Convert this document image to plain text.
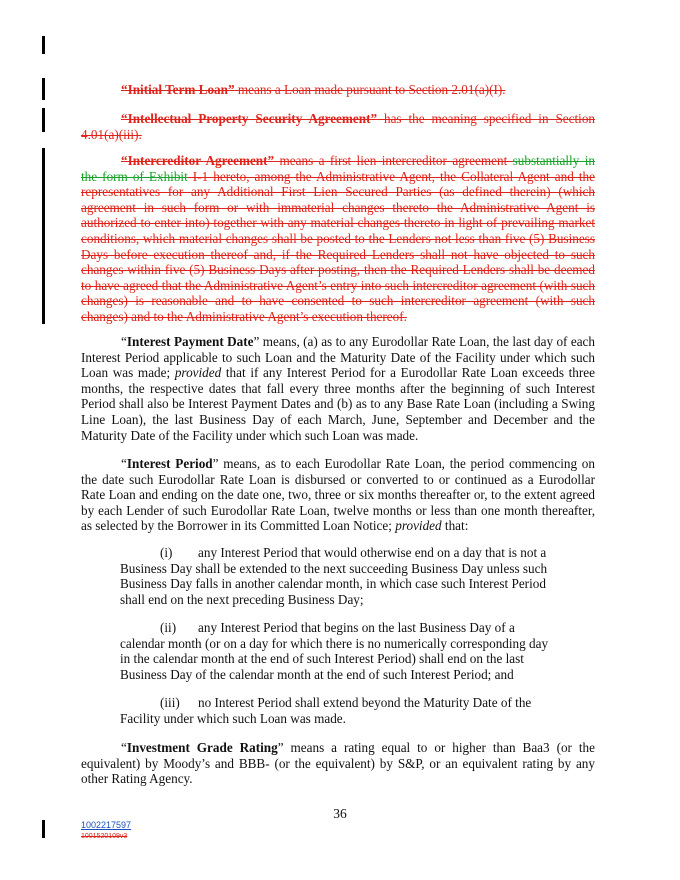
“Initial Term Loan” means a Loan made pursuant to Section 2.01(a)(I).

“Intellectual Property Security Agreement” has the meaning specified in Section 4.01(a)(iii).

“Intercreditor Agreement” means a first lien intercreditor agreement substantially in the form of Exhibit I-1 hereto, among the Administrative Agent, the Collateral Agent and the representatives for any Additional First Lien Secured Parties (as defined therein) (which agreement in such form or with immaterial changes thereto the Administrative Agent is authorized to enter into) together with any material changes thereto in light of prevailing market conditions, which material changes shall be posted to the Lenders not less than five (5) Business Days before execution thereof and, if the Required Lenders shall not have objected to such changes within five (5) Business Days after posting, then the Required Lenders shall be deemed to have agreed that the Administrative Agent’s entry into such intercreditor agreement (with such changes) is reasonable and to have consented to such intercreditor agreement (with such changes) and to the Administrative Agent’s execution thereof.

“Interest Payment Date” means, (a) as to any Eurodollar Rate Loan, the last day of each Interest Period applicable to such Loan and the Maturity Date of the Facility under which such Loan was made; provided that if any Interest Period for a Eurodollar Rate Loan exceeds three months, the respective dates that fall every three months after the beginning of such Interest Period shall also be Interest Payment Dates and (b) as to any Base Rate Loan (including a Swing Line Loan), the last Business Day of each March, June, September and December and the Maturity Date of the Facility under which such Loan was made.

“Interest Period” means, as to each Eurodollar Rate Loan, the period commencing on the date such Eurodollar Rate Loan is disbursed or converted to or continued as a Eurodollar Rate Loan and ending on the date one, two, three or six months thereafter or, to the extent agreed by each Lender of such Eurodollar Rate Loan, twelve months or less than one month thereafter, as selected by the Borrower in its Committed Loan Notice; provided that:

(i) any Interest Period that would otherwise end on a day that is not a Business Day shall be extended to the next succeeding Business Day unless such Business Day falls in another calendar month, in which case such Interest Period shall end on the next preceding Business Day;

(ii) any Interest Period that begins on the last Business Day of a calendar month (or on a day for which there is no numerically corresponding day in the calendar month at the end of such Interest Period) shall end on the last Business Day of the calendar month at the end of such Interest Period; and

(iii) no Interest Period shall extend beyond the Maturity Date of the Facility under which such Loan was made.

“Investment Grade Rating” means a rating equal to or higher than Baa3 (or the equivalent) by Moody’s and BBB- (or the equivalent) by S&P, or an equivalent rating by any other Rating Agency.

36
1002217597
1001520109v3
